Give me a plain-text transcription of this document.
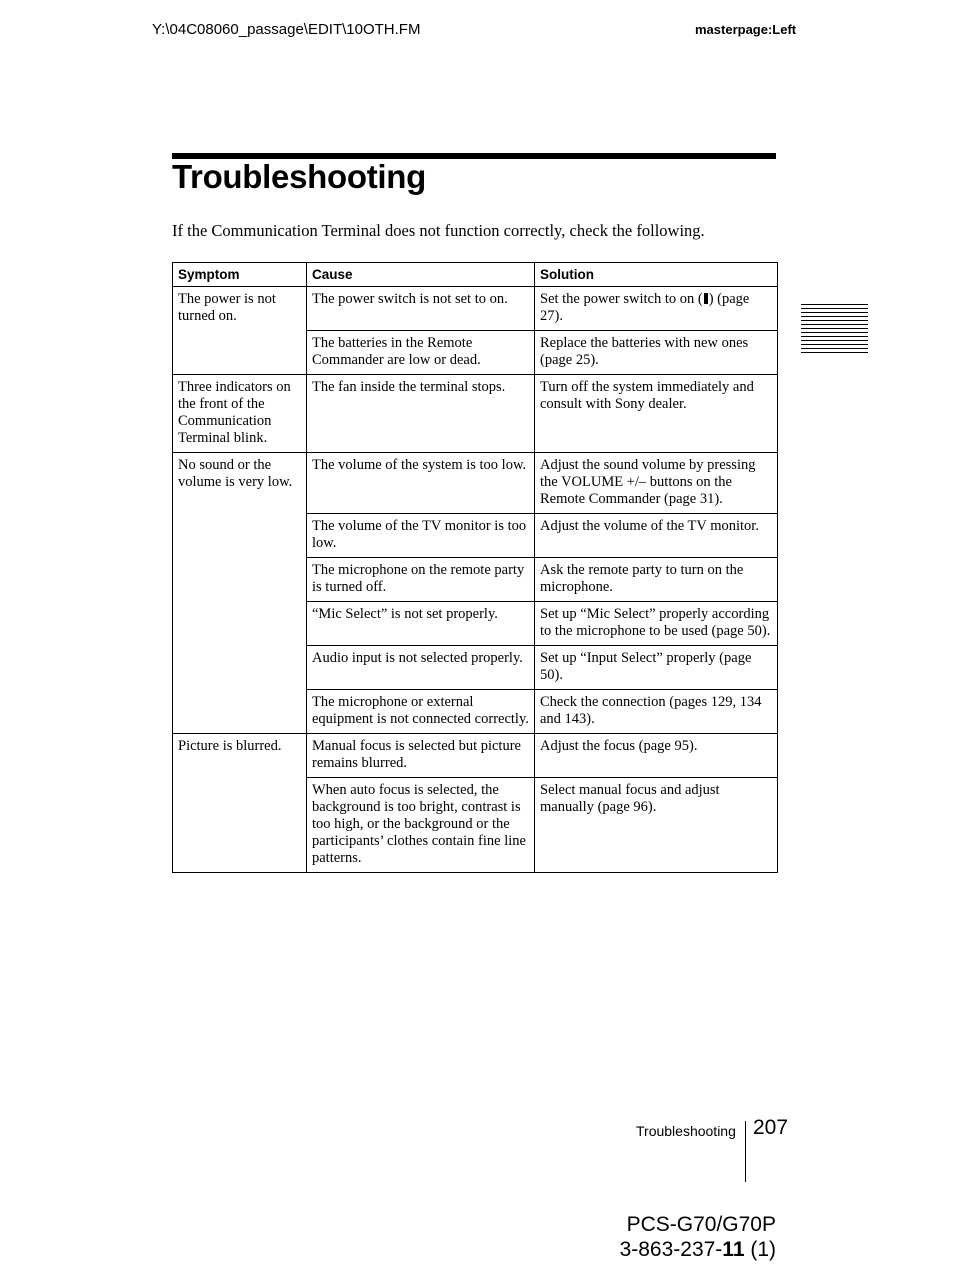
Y:\04C08060_passage\EDIT\10OTH.FM	masterpage:Left
Troubleshooting
If the Communication Terminal does not function correctly, check the following.
Symptom	Cause	Solution
The power is not turned on.	The power switch is not set to on.	Set the power switch to on ( ) (page 27).
	The batteries in the Remote Commander are low or dead.	Replace the batteries with new ones (page 25).
Three indicators on the front of the Communication Terminal blink.	The fan inside the terminal stops.	Turn off the system immediately and consult with Sony dealer.
No sound or the volume is very low.	The volume of the system is too low.	Adjust the sound volume by pressing the VOLUME +/– buttons on the Remote Commander (page 31).
	The volume of the TV monitor is too low.	Adjust the volume of the TV monitor.
	The microphone on the remote party is turned off.	Ask the remote party to turn on the microphone.
	“Mic Select” is not set properly.	Set up “Mic Select” properly according to the microphone to be used (page 50).
	Audio input is not selected properly.	Set up “Input Select” properly (page 50).
	The microphone or external equipment is not connected correctly.	Check the connection (pages 129, 134 and 143).
Picture is blurred.	Manual focus is selected but picture remains blurred.	Adjust the focus (page 95).
	When auto focus is selected, the background is too bright, contrast is too high, or the background or the participants’ clothes contain fine line patterns.	Select manual focus and adjust manually (page 96).
Troubleshooting 207
PCS-G70/G70P
3-863-237-11 (1)
